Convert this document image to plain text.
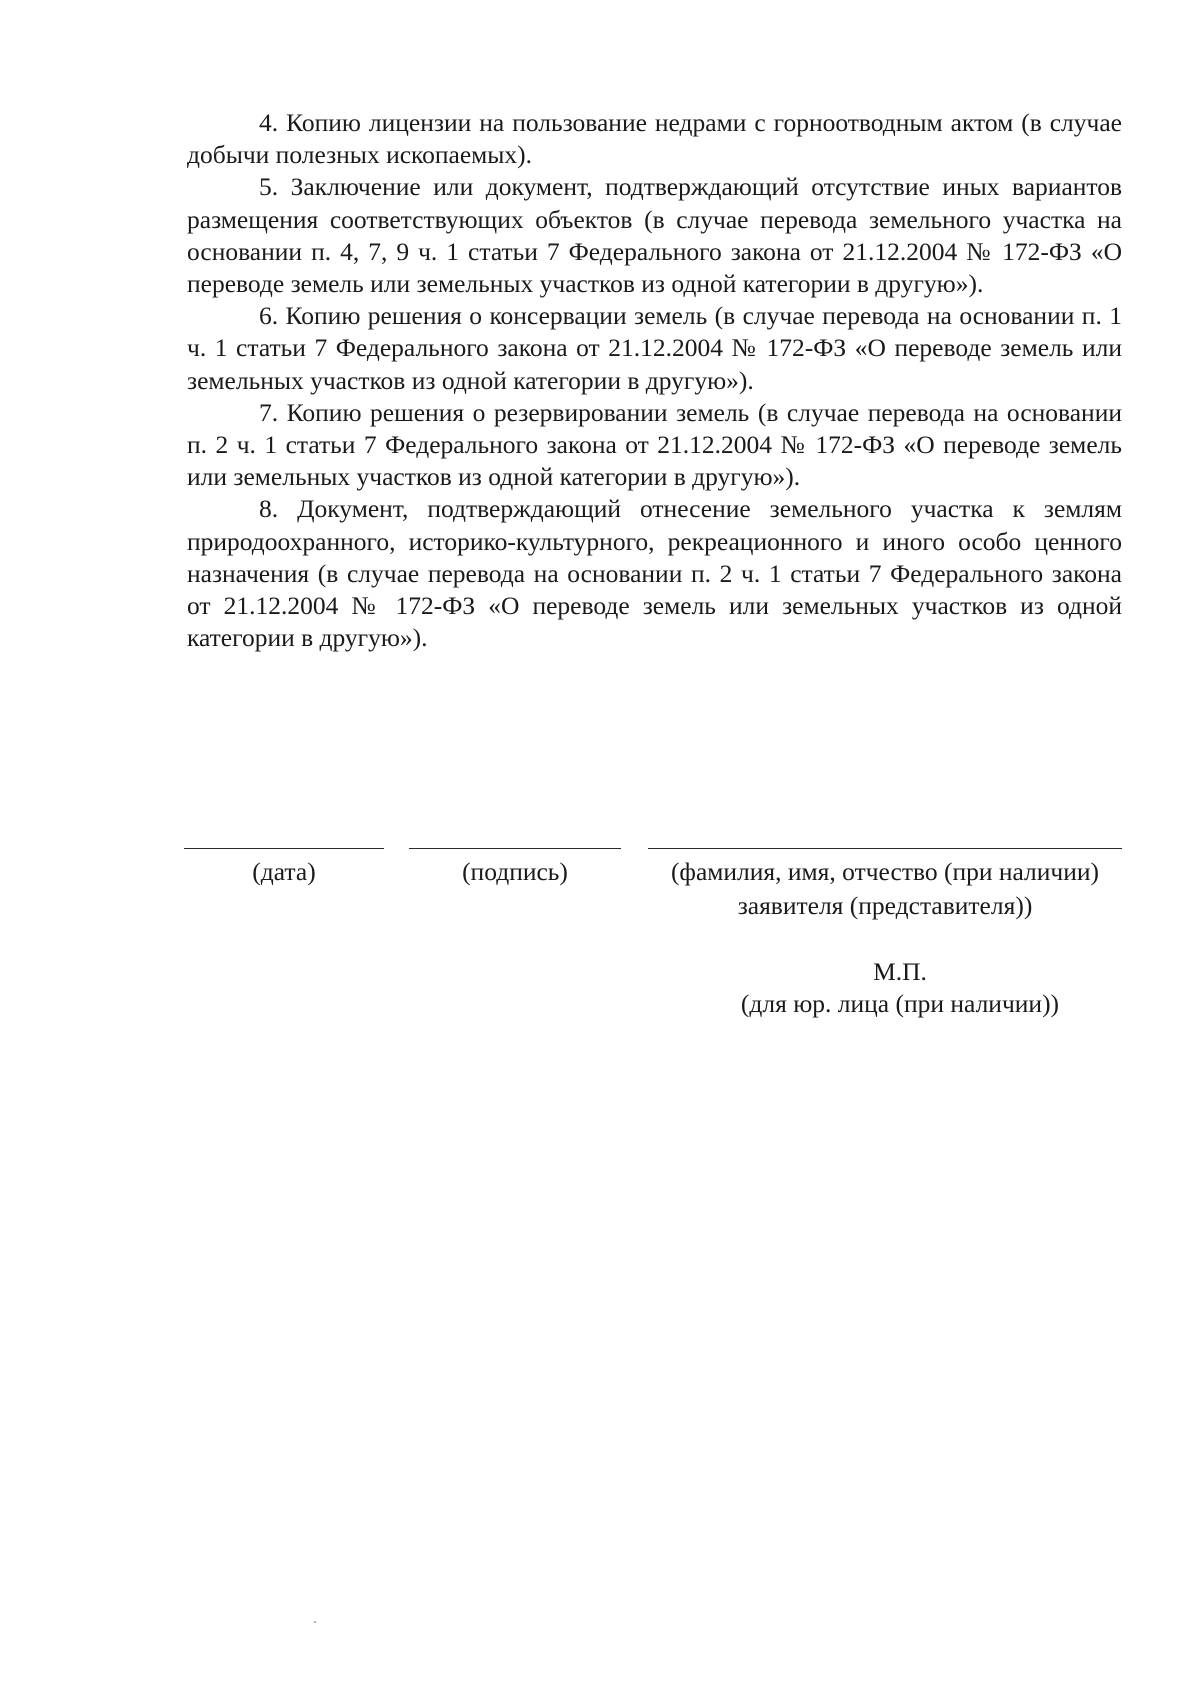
4. Копию лицензии на пользование недрами с горноотводным актом (в случае добычи полезных ископаемых).

5. Заключение или документ, подтверждающий отсутствие иных вариантов размещения соответствующих объектов (в случае перевода земельного участка на основании п. 4, 7, 9 ч. 1 статьи 7 Федерального закона от 21.12.2004 № 172-ФЗ «О переводе земель или земельных участков из одной категории в другую»).

6. Копию решения о консервации земель (в случае перевода на основании п. 1 ч. 1 статьи 7 Федерального закона от 21.12.2004 № 172-ФЗ «О переводе земель или земельных участков из одной категории в другую»).

7. Копию решения о резервировании земель (в случае перевода на основании п. 2 ч. 1 статьи 7 Федерального закона от 21.12.2004 № 172-ФЗ «О переводе земель или земельных участков из одной категории в другую»).

8. Документ, подтверждающий отнесение земельного участка к землям природоохранного, историко-культурного, рекреационного и иного особо ценного назначения (в случае перевода на основании п. 2 ч. 1 статьи 7 Федерального закона от 21.12.2004 № 172-ФЗ «О переводе земель или земельных участков из одной категории в другую»).

(дата)	(подпись)	(фамилия, имя, отчество (при наличии)
заявителя (представителя))
М.П.
(для юр. лица (при наличии))
